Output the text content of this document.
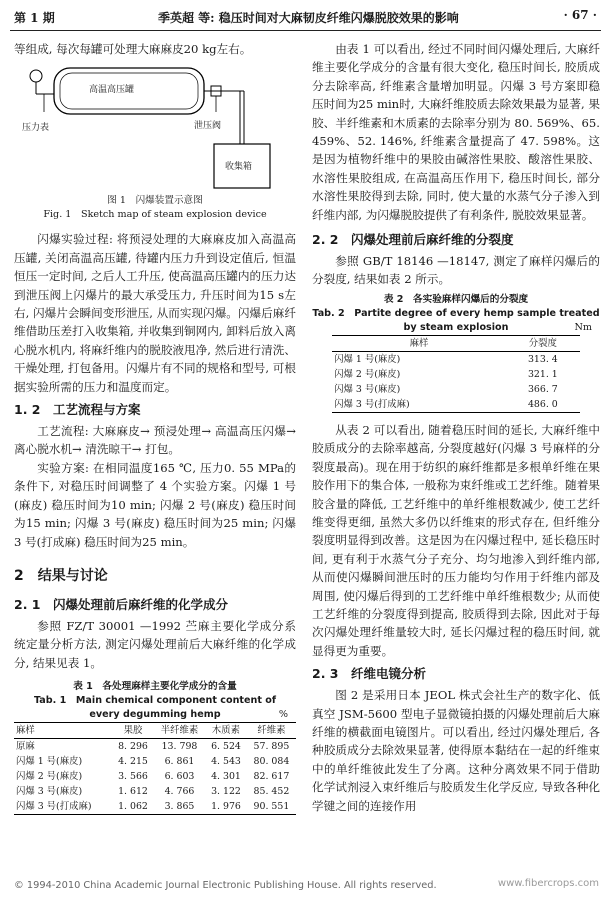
第 1 期	季英超 等: 稳压时间对大麻韧皮纤维闪爆脱胶效果的影响	· 67 ·

等组成, 每次每罐可处理大麻麻皮20 kg左右。

高温高压罐
压力表	泄压阀
收集箱
图 1　闪爆装置示意图
Fig. 1　Sketch map of steam explosion device

闪爆实验过程: 将预浸处理的大麻麻皮加入高温高压罐, 关闭高温高压罐, 待罐内压力升到设定值后, 恒温恒压一定时间, 之后人工升压, 使高温高压罐内的压力达到泄压阀上闪爆片的最大承受压力, 升压时间为15 s左右, 闪爆片会瞬间变形泄压, 从而实现闪爆。闪爆后麻纤维借助压差打入收集箱, 并收集到铜网内, 卸料后放入离心脱水机内, 将麻纤维内的脱胶液甩净, 然后进行清洗、干燥处理, 打包备用。闪爆片有不同的规格和型号, 可根据实验所需的压力和温度而定。

1. 2　工艺流程与方案

工艺流程: 大麻麻皮→ 预浸处理→ 高温高压闪爆→ 离心脱水机→ 清洗晾干→ 打包。

实验方案: 在相同温度165 ℃, 压力0. 55 MPa的条件下, 对稳压时间调整了 4 个实验方案。闪爆 1 号(麻皮) 稳压时间为10 min; 闪爆 2 号(麻皮) 稳压时间为15 min; 闪爆 3 号(麻皮) 稳压时间为25 min; 闪爆 3 号(打成麻) 稳压时间为25 min。

2　结果与讨论
2. 1　闪爆处理前后麻纤维的化学成分

参照 FZ/T 30001 —1992 苎麻主要化学成分系统定量分析方法, 测定闪爆处理前后大麻纤维的化学成分, 结果见表 1。

表 1　各处理麻样主要化学成分的含量
Tab. 1　Main chemical component content of
every degumming hemp	%
麻样	果胶	半纤维素	木质素	纤维素
原麻	8. 296	13. 798	6. 524	57. 895
闪爆 1 号(麻皮)	4. 215	6. 861	4. 543	80. 084
闪爆 2 号(麻皮)	3. 566	6. 603	4. 301	82. 617
闪爆 3 号(麻皮)	1. 612	4. 766	3. 122	85. 452
闪爆 3 号(打成麻)	1. 062	3. 865	1. 976	90. 551

由表 1 可以看出, 经过不同时间闪爆处理后, 大麻纤维主要化学成分的含量有很大变化, 稳压时间长, 胶质成分去除率高, 纤维素含量增加明显。闪爆 3 号方案即稳压时间为25 min时, 大麻纤维胶质去除效果最为显著, 果胶、半纤维素和木质素的去除率分别为 80. 569%、65. 459%、52. 146%, 纤维素含量提高了 47. 598%。这是因为植物纤维中的果胶由碱溶性果胶、酸溶性果胶、水溶性果胶组成, 在高温高压作用下, 稳压时间长, 部分水溶性果胶得到去除, 同时, 使大量的水蒸气分子渗入到纤维内部, 为闪爆脱胶提供了有利条件, 脱胶效果显著。

2. 2　闪爆处理前后麻纤维的分裂度

参照 GB/T 18146 —18147, 测定了麻样闪爆后的分裂度, 结果如表 2 所示。

表 2　各实验麻样闪爆后的分裂度
Tab. 2　Partite degree of every hemp sample treated
by steam explosion	Nm
麻样	分裂度
闪爆 1 号(麻皮)	313. 4
闪爆 2 号(麻皮)	321. 1
闪爆 3 号(麻皮)	366. 7
闪爆 3 号(打成麻)	486. 0

从表 2 可以看出, 随着稳压时间的延长, 大麻纤维中胶质成分的去除率越高, 分裂度越好(闪爆 3 号麻样的分裂度最高)。现在用于纺织的麻纤维都是多根单纤维在果胶作用下的集合体, 一般称为束纤维或工艺纤维。随着果胶含量的降低, 工艺纤维中的单纤维根数减少, 使工艺纤维变得更细, 虽然大多仍以纤维束的形式存在, 但纤维分裂度明显得到改善。这是因为在闪爆过程中, 延长稳压时间, 更有利于水蒸气分子充分、均匀地渗入到纤维内部, 从而使闪爆瞬间泄压时的压力能均匀作用于纤维内部及周围, 使闪爆后得到的工艺纤维中单纤维根数少; 从而使工艺纤维的分裂度得到提高, 胶质得到去除, 因此对于每次闪爆处理纤维量较大时, 延长闪爆过程的稳压时间, 就显得更为重要。

2. 3　纤维电镜分析

图 2 是采用日本 JEOL 株式会社生产的数字化、低真空 JSM-5600 型电子显微镜拍摄的闪爆处理前后大麻纤维的横截面电镜图片。可以看出, 经过闪爆处理后, 各种胶质成分去除效果显著, 使得原本黏结在一起的纤维束中的单纤维彼此发生了分离。这种分离效果不同于借助化学试剂浸入束纤维后与胶质发生化学反应, 导致各种化学键之间的连接作用

© 1994-2010 China Academic Journal Electronic Publishing House. All rights reserved.	www.fibercrops.com
